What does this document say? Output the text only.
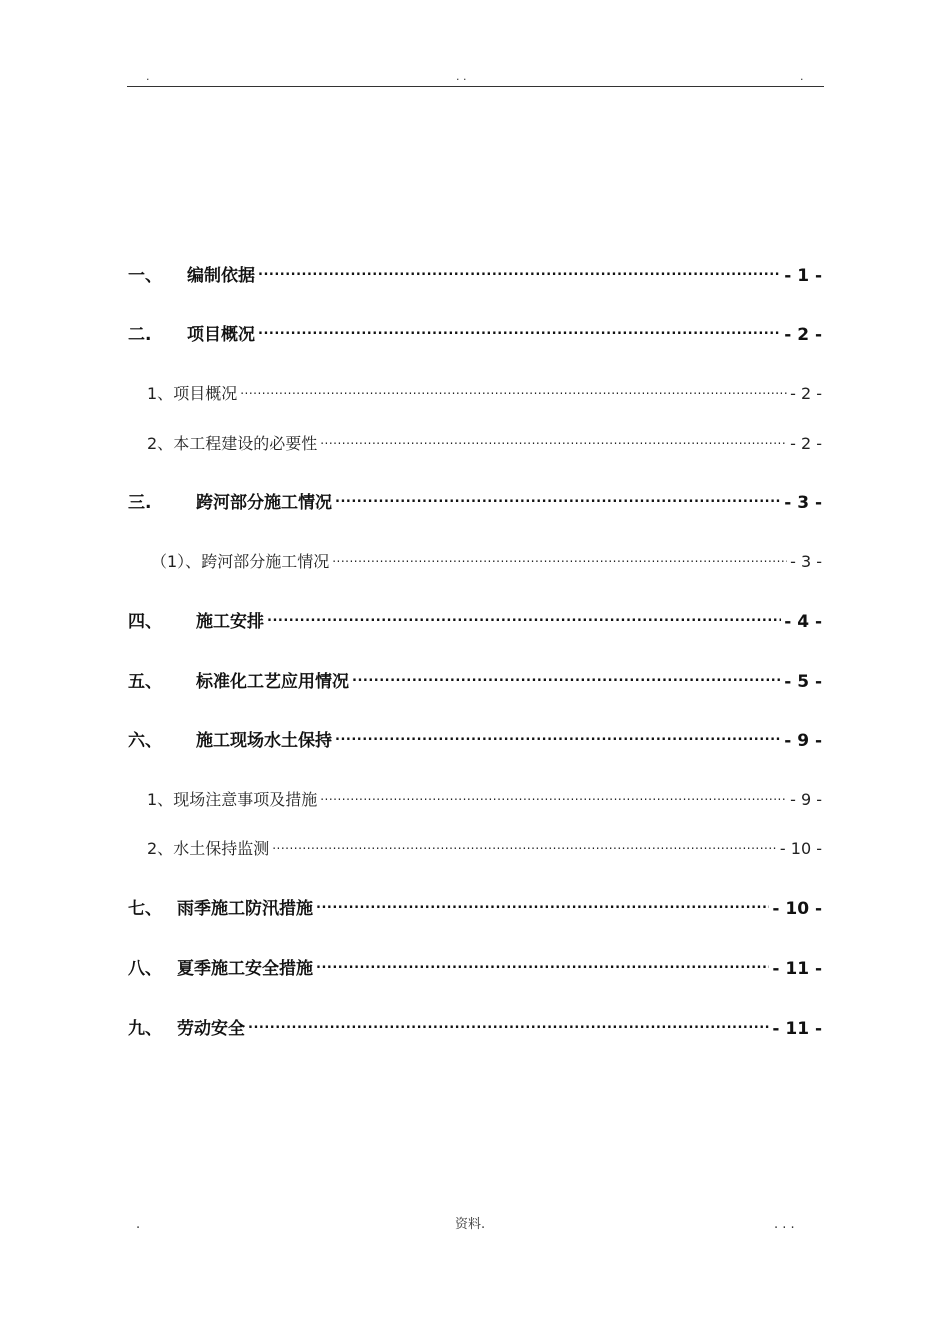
.	. .	.
一、	编制依据 .....	- 1 -
二.	项目概况 .....	- 2 -
1、 项目概况 .....	- 2 -
2、 本工程建设的必要性 .....	- 2 -
三.	跨河部分施工情况 .....	- 3 -
（1）、 跨河部分施工情况 .....	- 3 -
四、	施工安排 .....	- 4 -
五、	标准化工艺应用情况 .....	- 5 -
六、	施工现场水土保持 .....	- 9 -
1、 现场注意事项及措施 .....	- 9 -
2、 水土保持监测 .....	- 10 -
七、 雨季施工防汛措施 .....	- 10 -
八、 夏季施工安全措施 .....	- 11 -
九、 劳动安全 .....	- 11 -
.	资料.	. . .
